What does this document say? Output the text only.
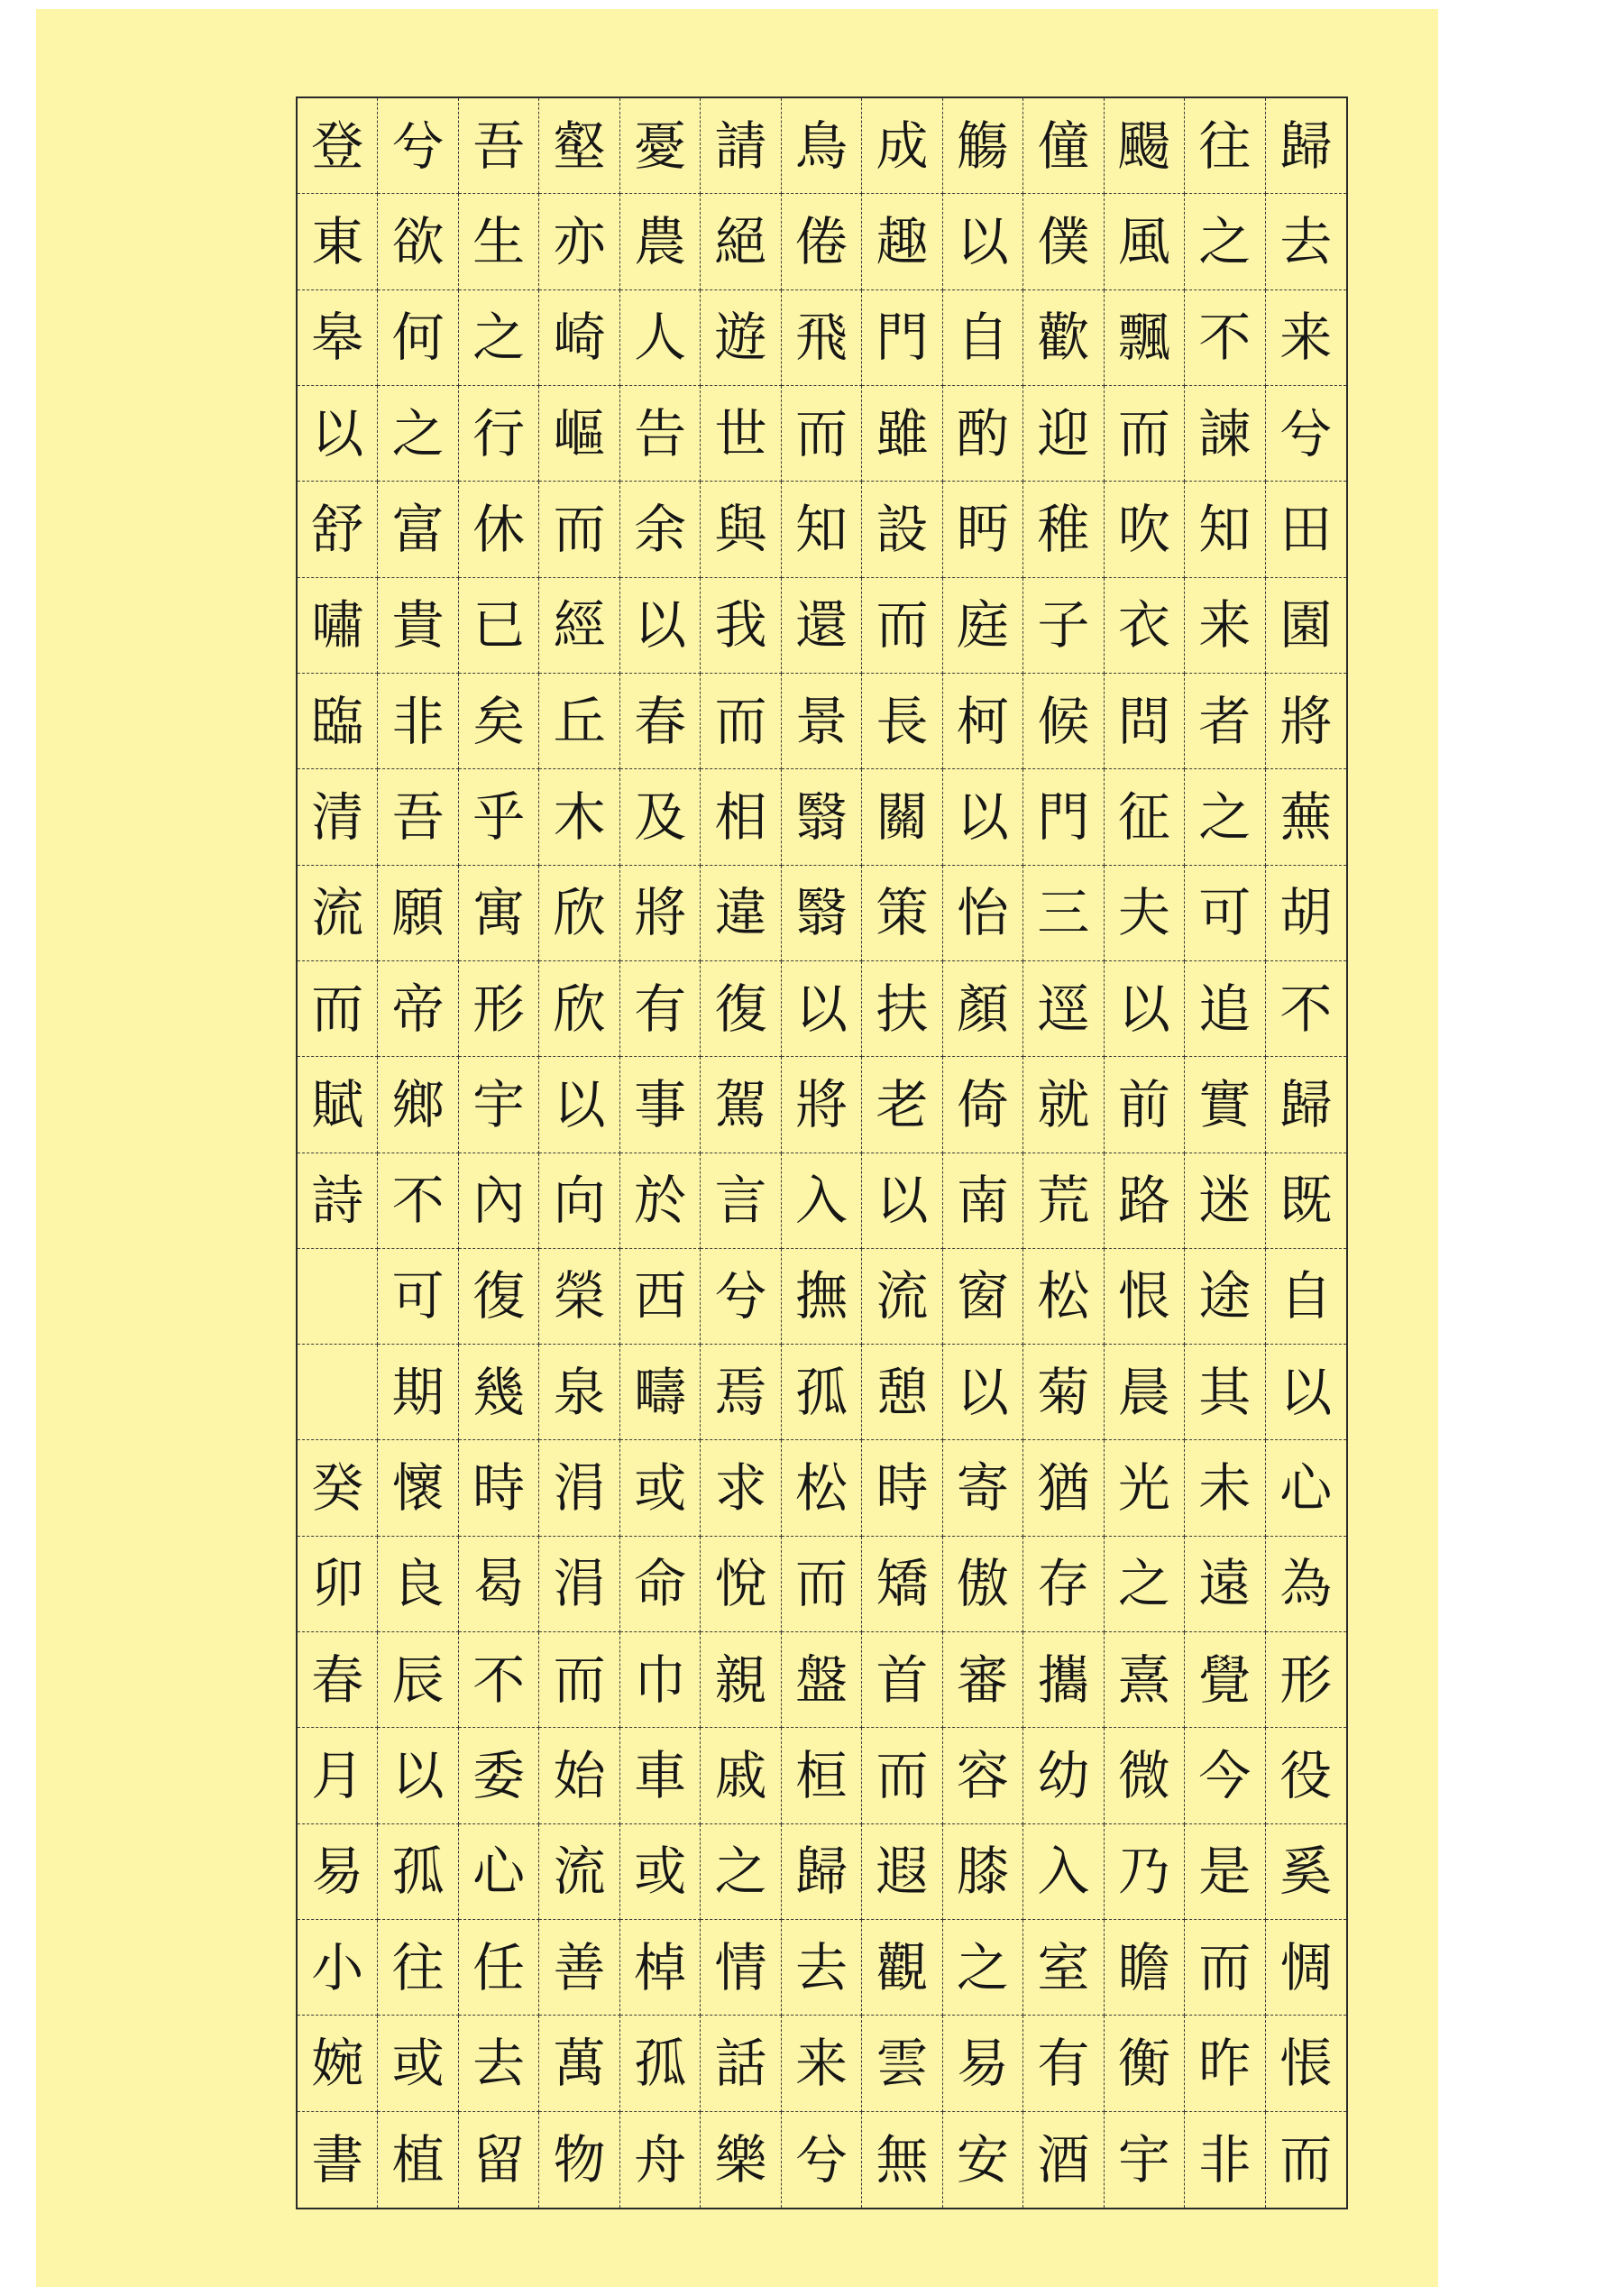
登
東
皋
以
舒
嘯
臨
清
流
而
賦
詩
癸
卯
春
月
易
小
婉
書
兮
欲
何
之
富
貴
非
吾
願
帝
鄉
不
可
期
懷
良
辰
以
孤
往
或
植
吾
生
之
行
休
已
矣
乎
寓
形
宇
內
復
幾
時
曷
不
委
心
任
去
留
壑
亦
崎
嶇
而
經
丘
木
欣
欣
以
向
榮
泉
涓
涓
而
始
流
善
萬
物
憂
農
人
告
余
以
春
及
將
有
事
於
西
疇
或
命
巾
車
或
棹
孤
舟
請
絕
遊
世
與
我
而
相
違
復
駕
言
兮
焉
求
悅
親
戚
之
情
話
樂
鳥
倦
飛
而
知
還
景
翳
翳
以
將
入
撫
孤
松
而
盤
桓
歸
去
来
兮
成
趣
門
雖
設
而
長
關
策
扶
老
以
流
憩
時
矯
首
而
遐
觀
雲
無
觴
以
自
酌
眄
庭
柯
以
怡
顏
倚
南
窗
以
寄
傲
審
容
膝
之
易
安
僮
僕
歡
迎
稚
子
候
門
三
逕
就
荒
松
菊
猶
存
攜
幼
入
室
有
酒
颺
風
飄
而
吹
衣
問
征
夫
以
前
路
恨
晨
光
之
熹
微
乃
瞻
衡
宇
往
之
不
諫
知
来
者
之
可
追
實
迷
途
其
未
遠
覺
今
是
而
昨
非
歸
去
来
兮
田
園
將
蕪
胡
不
歸
既
自
以
心
為
形
役
奚
惆
悵
而
